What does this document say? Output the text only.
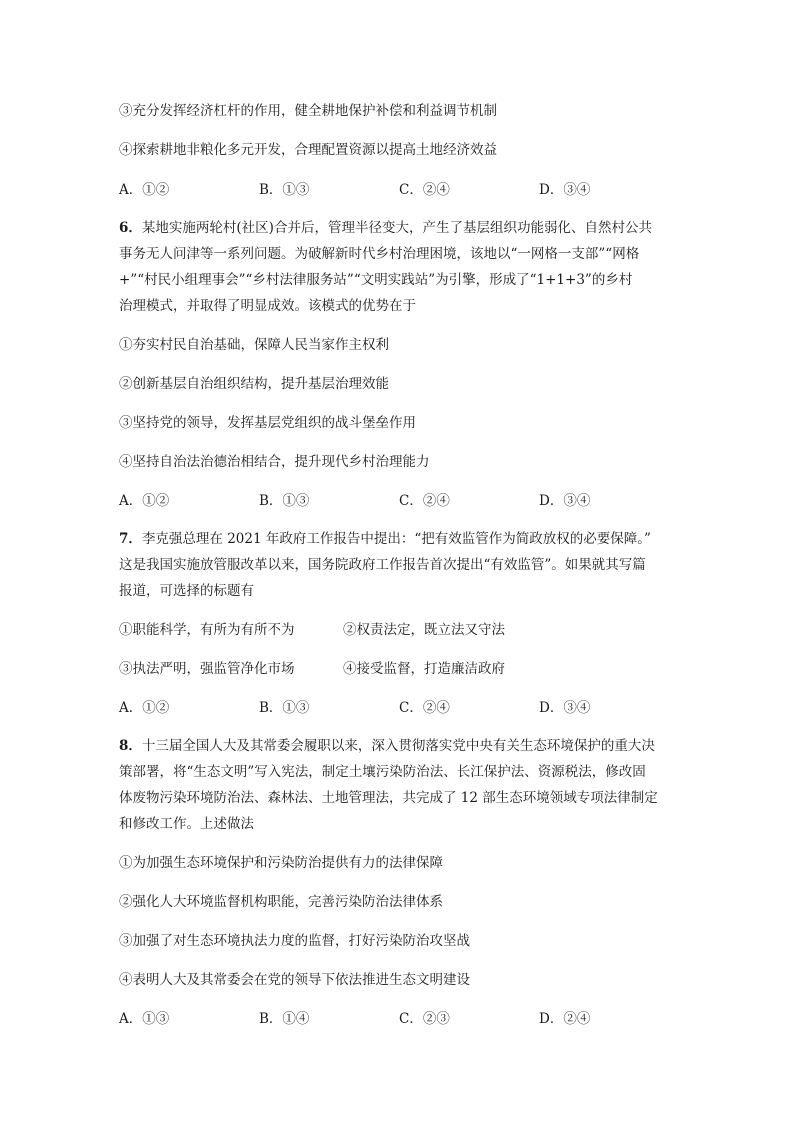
③充分发挥经济杠杆的作用，健全耕地保护补偿和利益调节机制
④探索耕地非粮化多元开发，合理配置资源以提高土地经济效益
A．①②	B．①③	C．②④	D．③④
6．某地实施两轮村(社区)合并后，管理半径变大，产生了基层组织功能弱化、自然村公共
事务无人问津等一系列问题。为破解新时代乡村治理困境，该地以“一网格一支部”“网格
+”“村民小组理事会”“乡村法律服务站”“文明实践站”为引擎，形成了“1+1+3”的乡村
治理模式，并取得了明显成效。该模式的优势在于
①夯实村民自治基础，保障人民当家作主权利
②创新基层自治组织结构，提升基层治理效能
③坚持党的领导，发挥基层党组织的战斗堡垒作用
④坚持自治法治德治相结合，提升现代乡村治理能力
A．①②	B．①③	C．②④	D．③④
7．李克强总理在 2021 年政府工作报告中提出：“把有效监管作为简政放权的必要保障。”
这是我国实施放管服改革以来，国务院政府工作报告首次提出“有效监管”。如果就其写篇
报道，可选择的标题有
①职能科学，有所为有所不为	②权责法定，既立法又守法
③执法严明，强监管净化市场	④接受监督，打造廉洁政府
A．①②	B．①③	C．②④	D．③④
8．十三届全国人大及其常委会履职以来，深入贯彻落实党中央有关生态环境保护的重大决
策部署，将“生态文明”写入宪法，制定土壤污染防治法、长江保护法、资源税法，修改固
体废物污染环境防治法、森林法、土地管理法，共完成了 12 部生态环境领域专项法律制定
和修改工作。上述做法
①为加强生态环境保护和污染防治提供有力的法律保障
②强化人大环境监督机构职能，完善污染防治法律体系
③加强了对生态环境执法力度的监督，打好污染防治攻坚战
④表明人大及其常委会在党的领导下依法推进生态文明建设
A．①③	B．①④	C．②③	D．②④
